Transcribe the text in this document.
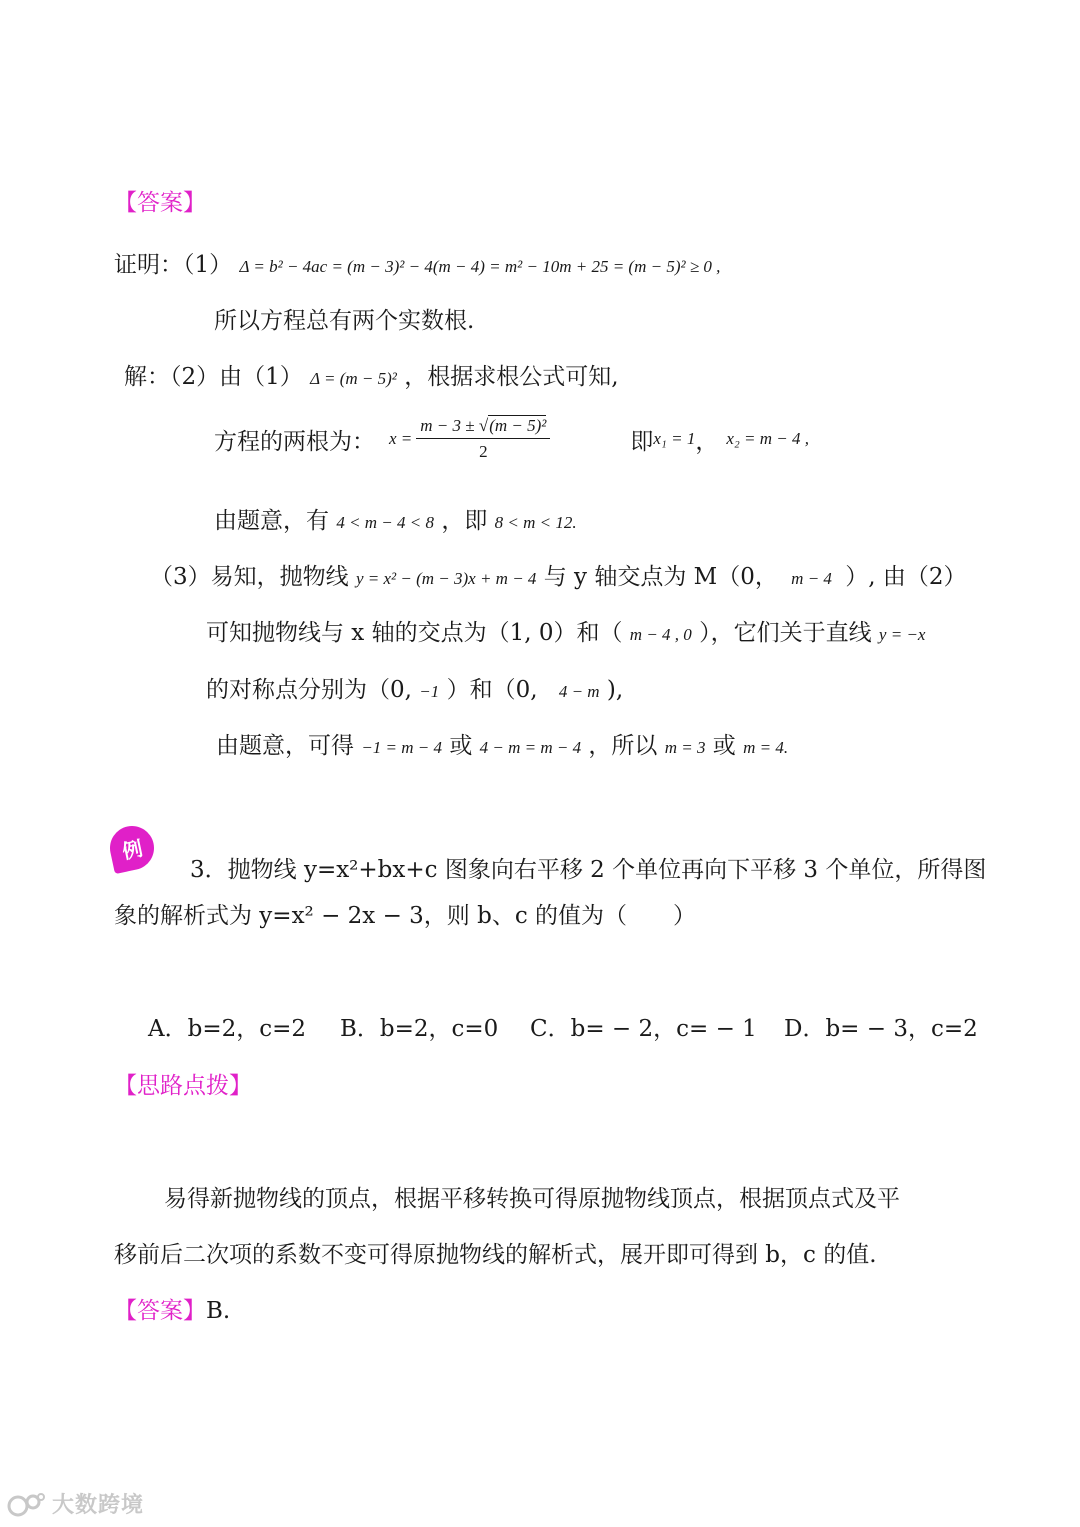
【答案】
证明：（1） Δ = b² − 4ac = (m − 3)² − 4(m − 4) = m² − 10m + 25 = (m − 5)² ≥ 0 ,
所以方程总有两个实数根.
解：（2）由（1） Δ = (m − 5)² ，根据求根公式可知,
方程的两根为： $x = \frac{\text{m − 3 ± √(m − 5)²}}{2}$	即 x₁ = 1 ， x₂ = m − 4 ,
由题意，有 4 < m − 4 < 8 ，即 8 < m < 12.
（3）易知，抛物线 y = x² − (m − 3)x + m − 4 与 y 轴交点为 M（0， m − 4 ）, 由（2）
可知抛物线与 x 轴的交点为（1, 0）和（ m − 4 , 0 ），它们关于直线 y = −x
的对称点分别为（0, −1 ）和（0, 4 − m ),
由题意，可得 −1 = m − 4 或 4 − m = m − 4 ，所以 m = 3 或 m = 4.
例
3．抛物线 y=x²+bx+c 图象向右平移 2 个单位再向下平移 3 个单位，所得图
象的解析式为 y=x² − 2x − 3，则 b、c 的值为（　　）
A．b=2，c=2 B．b=2，c=0 C．b= − 2，c= − 1 D．b= − 3，c=2
【思路点拨】
易得新抛物线的顶点，根据平移转换可得原抛物线顶点，根据顶点式及平
移前后二次项的系数不变可得原抛物线的解析式，展开即可得到 b，c 的值.
【答案】B.
大数跨境
